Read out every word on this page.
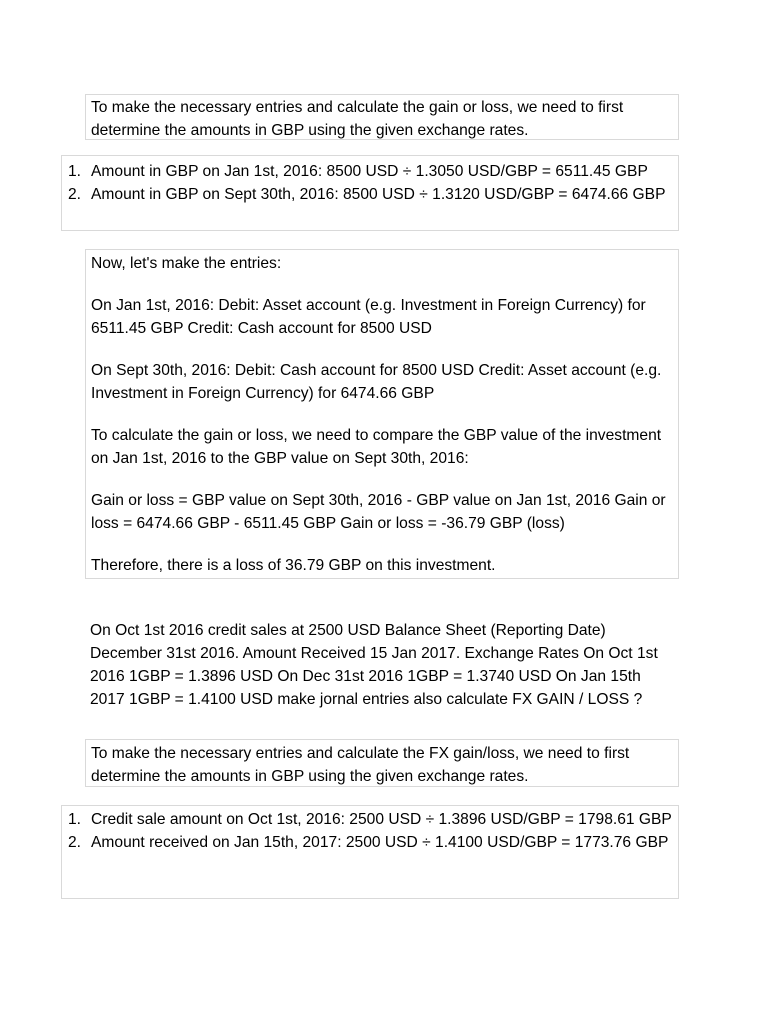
To make the necessary entries and calculate the gain or loss, we need to first determine the amounts in GBP using the given exchange rates.

1. Amount in GBP on Jan 1st, 2016: 8500 USD ÷ 1.3050 USD/GBP = 6511.45 GBP
2. Amount in GBP on Sept 30th, 2016: 8500 USD ÷ 1.3120 USD/GBP = 6474.66 GBP

Now, let's make the entries:

On Jan 1st, 2016: Debit: Asset account (e.g. Investment in Foreign Currency) for 6511.45 GBP Credit: Cash account for 8500 USD

On Sept 30th, 2016: Debit: Cash account for 8500 USD Credit: Asset account (e.g. Investment in Foreign Currency) for 6474.66 GBP

To calculate the gain or loss, we need to compare the GBP value of the investment on Jan 1st, 2016 to the GBP value on Sept 30th, 2016:

Gain or loss = GBP value on Sept 30th, 2016 - GBP value on Jan 1st, 2016 Gain or loss = 6474.66 GBP - 6511.45 GBP Gain or loss = -36.79 GBP (loss)

Therefore, there is a loss of 36.79 GBP on this investment.

On Oct 1st 2016 credit sales at 2500 USD Balance Sheet (Reporting Date) December 31st 2016. Amount Received 15 Jan 2017. Exchange Rates On Oct 1st 2016 1GBP = 1.3896 USD On Dec 31st 2016 1GBP = 1.3740 USD On Jan 15th 2017 1GBP = 1.4100 USD make jornal entries also calculate FX GAIN / LOSS ?

To make the necessary entries and calculate the FX gain/loss, we need to first determine the amounts in GBP using the given exchange rates.

1. Credit sale amount on Oct 1st, 2016: 2500 USD ÷ 1.3896 USD/GBP = 1798.61 GBP
2. Amount received on Jan 15th, 2017: 2500 USD ÷ 1.4100 USD/GBP = 1773.76 GBP
